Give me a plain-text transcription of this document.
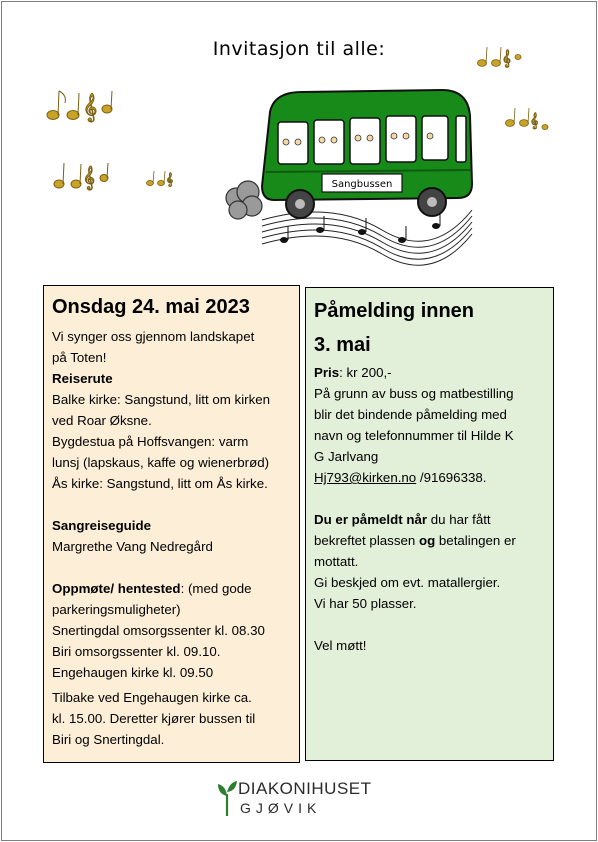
Invitasjon til alle:
𝄞
𝄞	𝄞
𝄞
𝄞
Sangbussen
Onsdag 24. mai 2023
Vi synger oss gjennom landskapet
på Toten!
Reiserute
Balke kirke: Sangstund, litt om kirken
ved Roar Øksne.
Bygdestua på Hoffsvangen: varm
lunsj (lapskaus, kaffe og wienerbrød)
Ås kirke: Sangstund, litt om Ås kirke.
Sangreiseguide
Margrethe Vang Nedregård
Oppmøte/ hentested: (med gode
parkeringsmuligheter)
Snertingdal omsorgssenter kl. 08.30
Biri omsorgssenter kl. 09.10.
Engehaugen kirke kl. 09.50
Tilbake ved Engehaugen kirke ca.
kl. 15.00. Deretter kjører bussen til
Biri og Snertingdal.
Påmelding innen
3. mai
Pris: kr 200,-
På grunn av buss og matbestilling
blir det bindende påmelding med
navn og telefonnummer til Hilde K
G Jarlvang
Hj793@kirken.no /91696338.
Du er påmeldt når du har fått
bekreftet plassen og betalingen er
mottatt.
Gi beskjed om evt. matallergier.
Vi har 50 plasser.
Vel møtt!
DIAKONIHUSET
GJØVIK
